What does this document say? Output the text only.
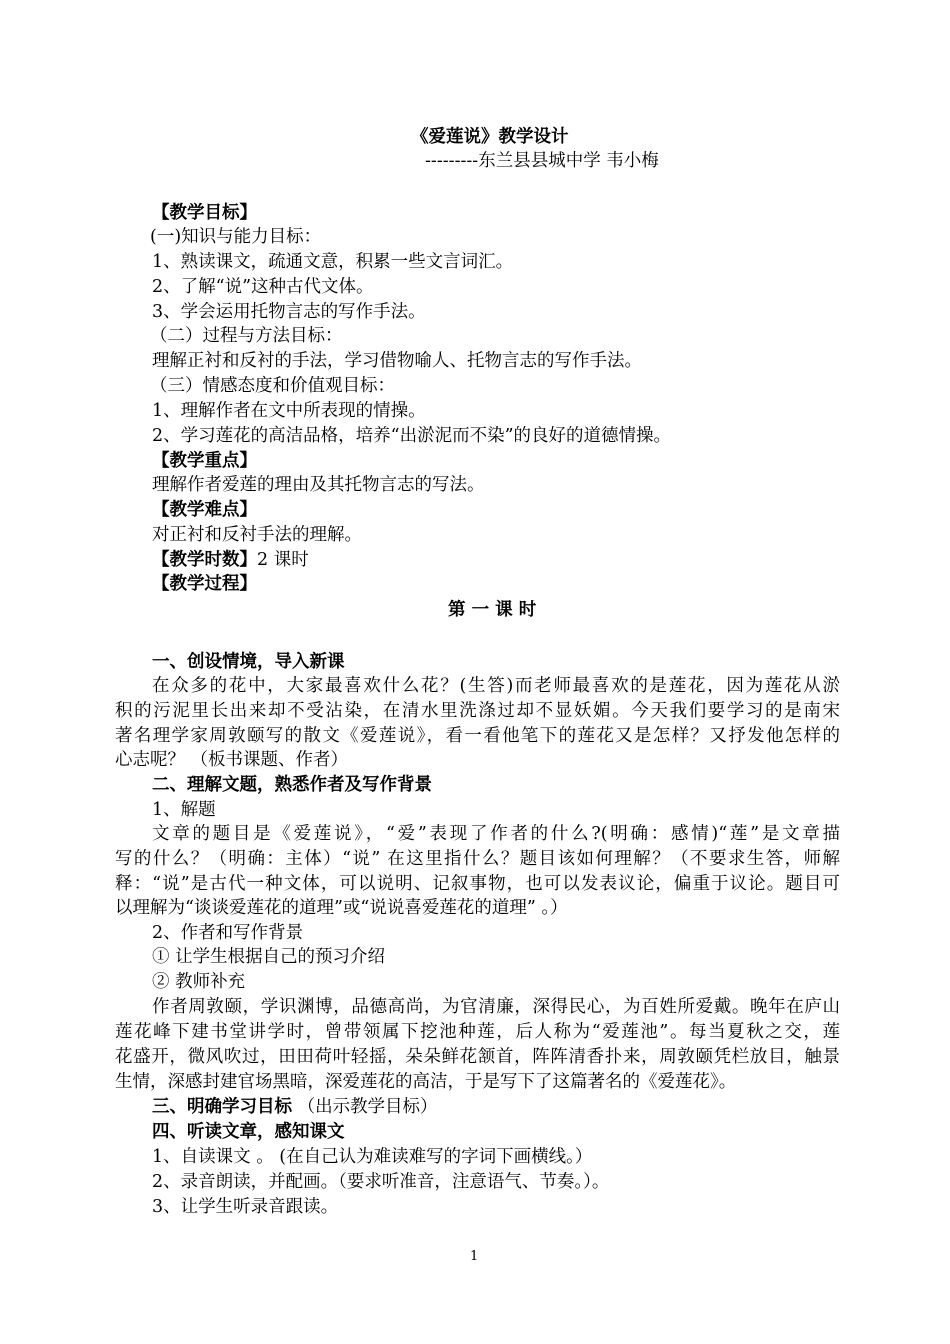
《爱莲说》教学设计
---------东兰县县城中学 韦小梅
【教学目标】
(一)知识与能力目标：
1、熟读课文，疏通文意，积累一些文言词汇。
2、了解“说”这种古代文体。
3、学会运用托物言志的写作手法。
（二）过程与方法目标：
理解正衬和反衬的手法，学习借物喻人、托物言志的写作手法。
（三）情感态度和价值观目标：
1、理解作者在文中所表现的情操。
2、学习莲花的高洁品格，培养“出淤泥而不染”的良好的道德情操。
【教学重点】
理解作者爱莲的理由及其托物言志的写法。
【教学难点】
对正衬和反衬手法的理解。
【教学时数】2 课时
【教学过程】
第 一 课 时
一、创设情境，导入新课
在众多的花中，大家最喜欢什么花？(生答)而老师最喜欢的是莲花，因为莲花从淤
积的污泥里长出来却不受沾染，在清水里洗涤过却不显妖媚。今天我们要学习的是南宋
著名理学家周敦颐写的散文《爱莲说》，看一看他笔下的莲花又是怎样？又抒发他怎样的
心志呢？ （板书课题、作者）
二、理解文题，熟悉作者及写作背景
1、解题
文章的题目是《爱莲说》，“爱”表现了作者的什么?(明确：感情)“莲”是文章描
写的什么？（明确：主体）“说” 在这里指什么？题目该如何理解？（不要求生答，师解
释：“说”是古代一种文体，可以说明、记叙事物，也可以发表议论，偏重于议论。题目可
以理解为“谈谈爱莲花的道理”或“说说喜爱莲花的道理” 。）
2、作者和写作背景
① 让学生根据自己的预习介绍
② 教师补充
作者周敦颐，学识渊博，品德高尚，为官清廉，深得民心，为百姓所爱戴。晚年在庐山
莲花峰下建书堂讲学时，曾带领属下挖池种莲，后人称为“爱莲池”。每当夏秋之交，莲
花盛开，微风吹过，田田荷叶轻摇，朵朵鲜花颔首，阵阵清香扑来，周敦颐凭栏放目，触景
生情，深感封建官场黑暗，深爱莲花的高洁，于是写下了这篇著名的《爱莲花》。
三、明确学习目标 （出示教学目标）
四、听读文章，感知课文
1、自读课文 。 (在自己认为难读难写的字词下画横线。）
2、录音朗读，并配画。（要求听准音，注意语气、节奏。）。
3、让学生听录音跟读。
1
